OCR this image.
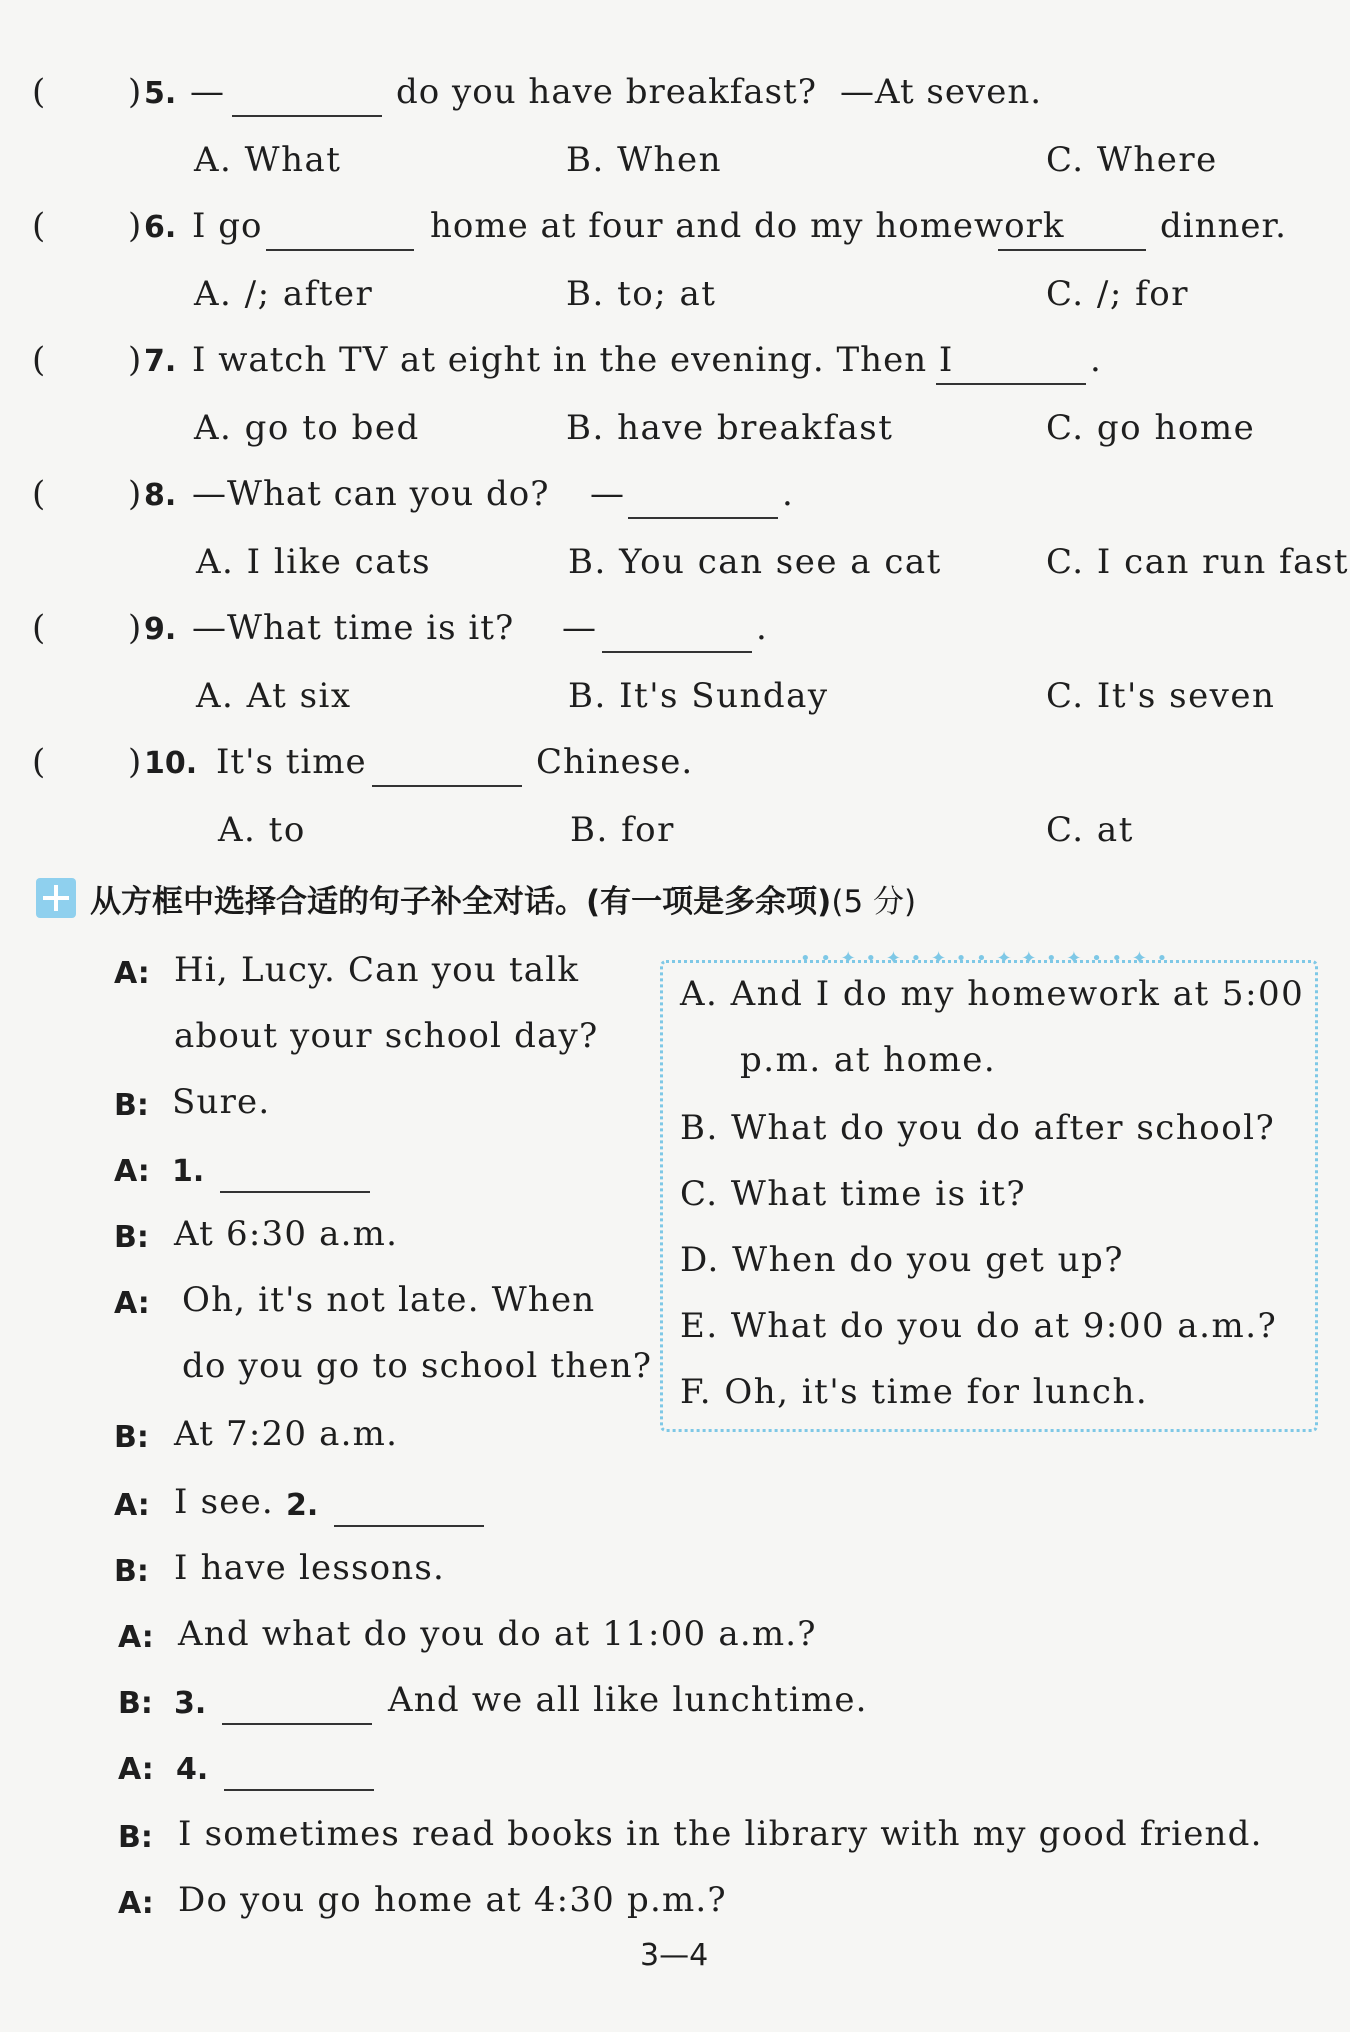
( ) 5. —	do you have breakfast? —At seven.
A. What	B. When	C. Where
( ) 6. I go	home at four and do my homework	dinner.
A. /; after	B. to; at	C. /; for
( ) 7. I watch TV at eight in the evening. Then I	.
A. go to bed	B. have breakfast	C. go home
( ) 8. —What can you do? —	.
A. I like cats	B. You can see a cat	C. I can run fast
( ) 9. —What time is it? —	.
A. At six	B. It's Sunday	C. It's seven
( ) 10. It's time	Chinese.
A. to	B. for	C. at
从方框中选择合适的句子补全对话。(有一项是多余项)(5 分)
• • ✦ • ✦ • ✦ • • ✦ ✦ • ✦ • • ✦ •
A. And I do my homework at 5:00
p.m. at home.
B. What do you do after school?
C. What time is it?
D. When do you get up?
E. What do you do at 9:00 a.m.?
F. Oh, it's time for lunch.
A: Hi, Lucy. Can you talk
about your school day?
B: Sure.
A: 1.
B: At 6:30 a.m.
A: Oh, it's not late. When
do you go to school then?
B: At 7:20 a.m.
A: I see. 2.
B: I have lessons.
A: And what do you do at 11:00 a.m.?
B: 3.	And we all like lunchtime.
A: 4.
B: I sometimes read books in the library with my good friend.
A: Do you go home at 4:30 p.m.?
3—4
